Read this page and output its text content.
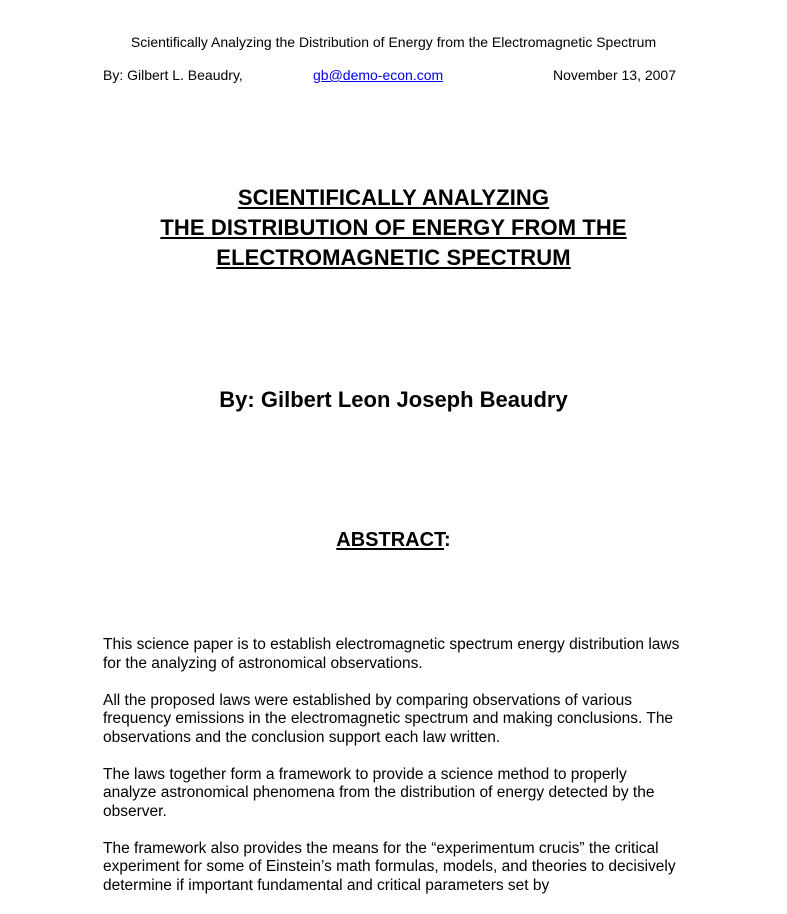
Scientifically Analyzing the Distribution of Energy from the Electromagnetic Spectrum
By: Gilbert L. Beaudry,	gb@demo-econ.com	November 13, 2007
SCIENTIFICALLY ANALYZING
THE DISTRIBUTION OF ENERGY FROM THE
ELECTROMAGNETIC SPECTRUM
By: Gilbert Leon Joseph Beaudry
ABSTRACT:

This science paper is to establish electromagnetic spectrum energy distribution laws for the analyzing of astronomical observations.

All the proposed laws were established by comparing observations of various frequency emissions in the electromagnetic spectrum and making conclusions. The observations and the conclusion support each law written.

The laws together form a framework to provide a science method to properly analyze astronomical phenomena from the distribution of energy detected by the observer.

The framework also provides the means for the “experimentum crucis” the critical experiment for some of Einstein’s math formulas, models, and theories to decisively determine if important fundamental and critical parameters set by
